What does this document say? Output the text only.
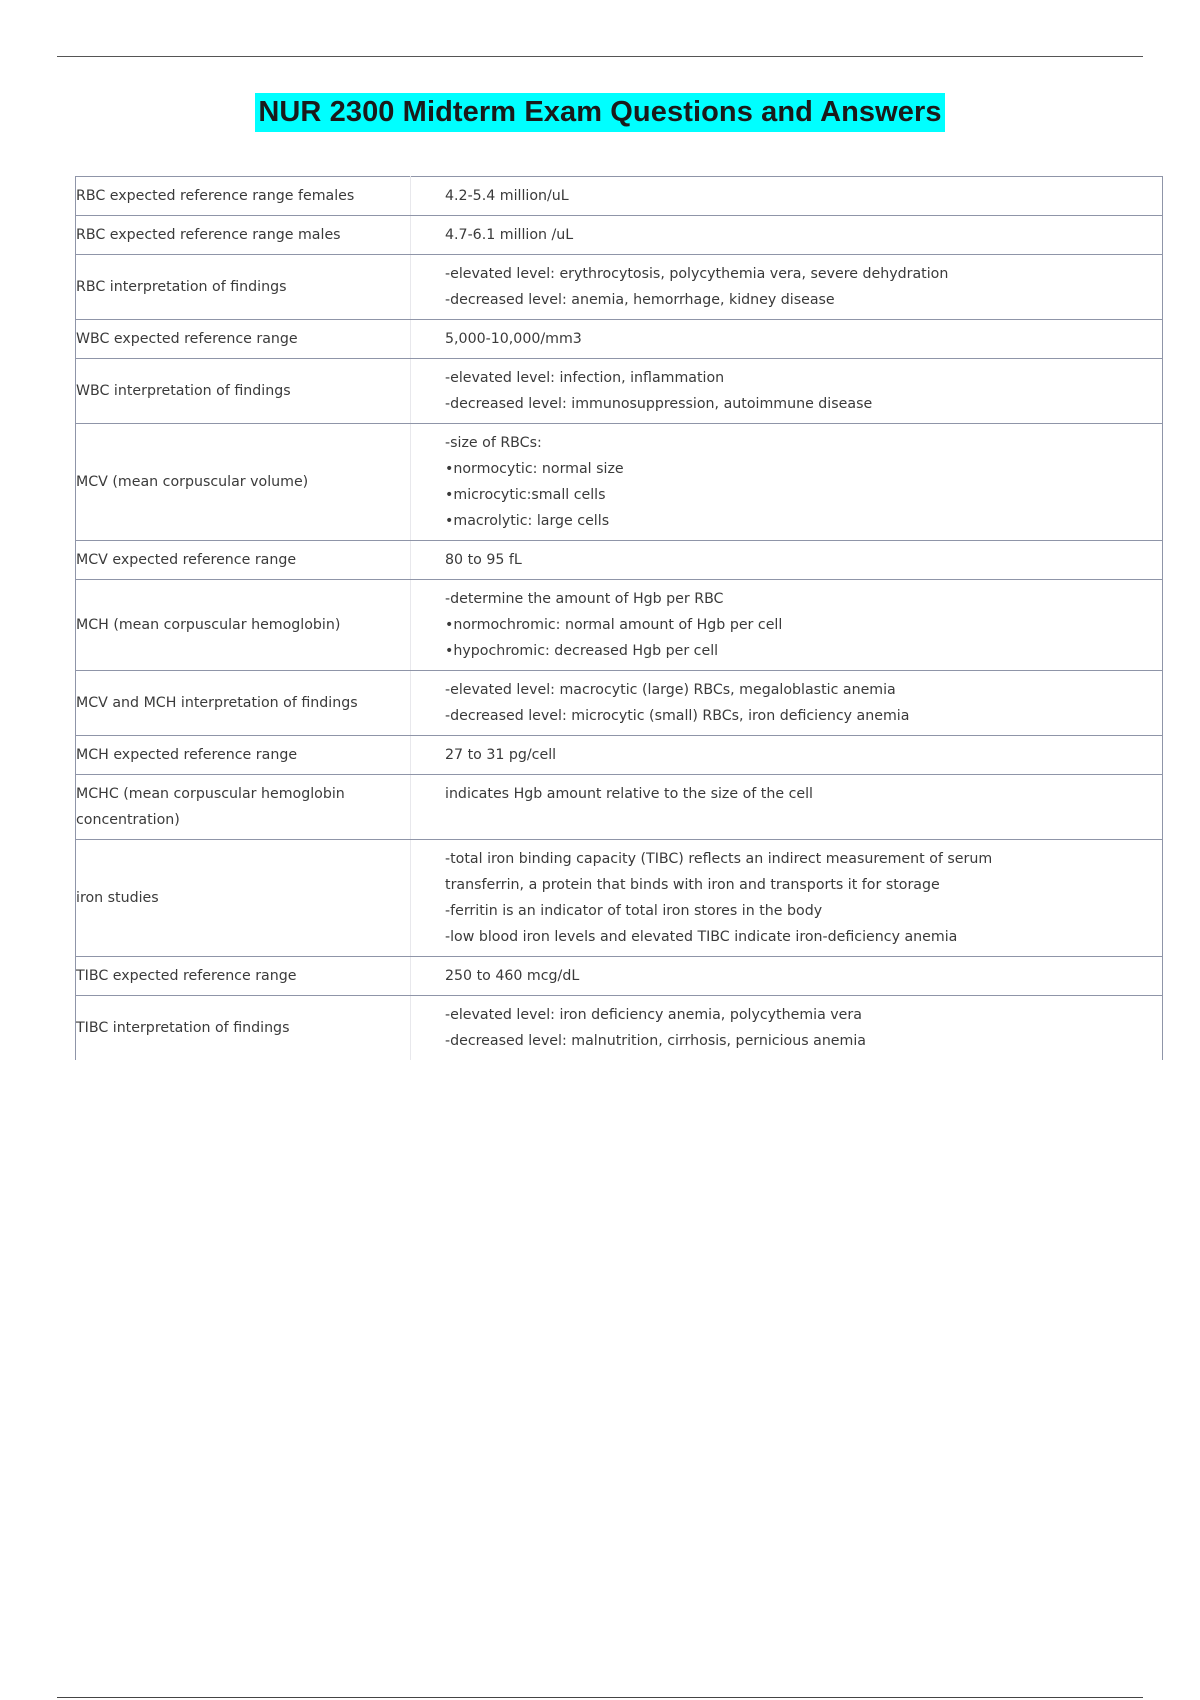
NUR 2300 Midterm Exam Questions and Answers
RBC expected reference range females	4.2-5.4 million/uL

RBC expected reference range males	4.7-6.1 million /uL

RBC interpretation of findings	-elevated level: erythrocytosis, polycythemia vera, severe dehydration
-decreased level: anemia, hemorrhage, kidney disease

WBC expected reference range	5,000-10,000/mm3

WBC interpretation of findings	-elevated level: infection, inflammation
-decreased level: immunosuppression, autoimmune disease

MCV (mean corpuscular volume)	-size of RBCs:
•normocytic: normal size
•microcytic:small cells
•macrolytic: large cells

MCV expected reference range	80 to 95 fL

MCH (mean corpuscular hemoglobin)	-determine the amount of Hgb per RBC
•normochromic: normal amount of Hgb per cell
•hypochromic: decreased Hgb per cell

MCV and MCH interpretation of findings	-elevated level: macrocytic (large) RBCs, megaloblastic anemia
-decreased level: microcytic (small) RBCs, iron deficiency anemia

MCH expected reference range	27 to 31 pg/cell

MCHC (mean corpuscular hemoglobin concentration)	indicates Hgb amount relative to the size of the cell

iron studies	-total iron binding capacity (TIBC) reflects an indirect measurement of serum
transferrin, a protein that binds with iron and transports it for storage
-ferritin is an indicator of total iron stores in the body
-low blood iron levels and elevated TIBC indicate iron-deficiency anemia

TIBC expected reference range	250 to 460 mcg/dL

TIBC interpretation of findings	-elevated level: iron deficiency anemia, polycythemia vera
-decreased level: malnutrition, cirrhosis, pernicious anemia
